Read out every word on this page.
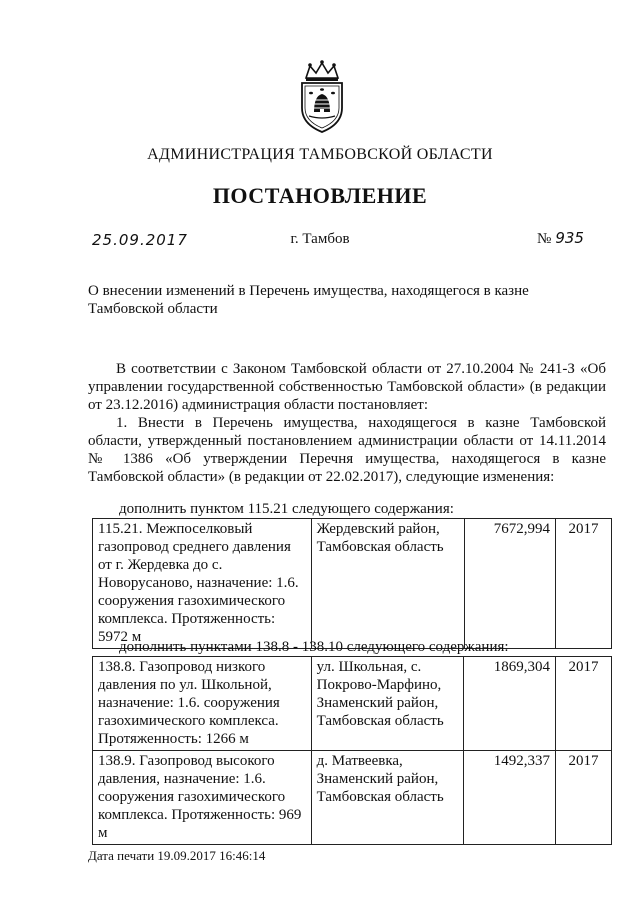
АДМИНИСТРАЦИЯ ТАМБОВСКОЙ ОБЛАСТИ
ПОСТАНОВЛЕНИЕ
25.09.2017	г. Тамбов	№ 935
О внесении изменений в Перечень имущества, находящегося в казне Тамбовской области

В соответствии с Законом Тамбовской области от 27.10.2004 № 241-З «Об управлении государственной собственностью Тамбовской области» (в редакции от 23.12.2016) администрация области постановляет:

1. Внести в Перечень имущества, находящегося в казне Тамбовской области, утвержденный постановлением администрации области от 14.11.2014 № 1386 «Об утверждении Перечня имущества, находящегося в казне Тамбовской области» (в редакции от 22.02.2017), следующие изменения:

дополнить пунктом 115.21 следующего содержания:
115.21. Межпоселковый газопровод среднего давления от г. Жердевка до с. Новорусаново, назначение: 1.6. сооружения газохимического комплекса. Протяженность: 5972 м	Жердевский район, Тамбовская область	7672,994	2017
дополнить пунктами 138.8 - 138.10 следующего содержания:
138.8. Газопровод низкого давления по ул. Школьной, назначение: 1.6. сооружения газохимического комплекса. Протяженность: 1266 м	ул. Школьная, с. Покрово-Марфино, Знаменский район, Тамбовская область	1869,304	2017
138.9. Газопровод высокого давления, назначение: 1.6. сооружения газохимического комплекса. Протяженность: 969 м	д. Матвеевка, Знаменский район, Тамбовская область	1492,337	2017
Дата печати 19.09.2017 16:46:14
